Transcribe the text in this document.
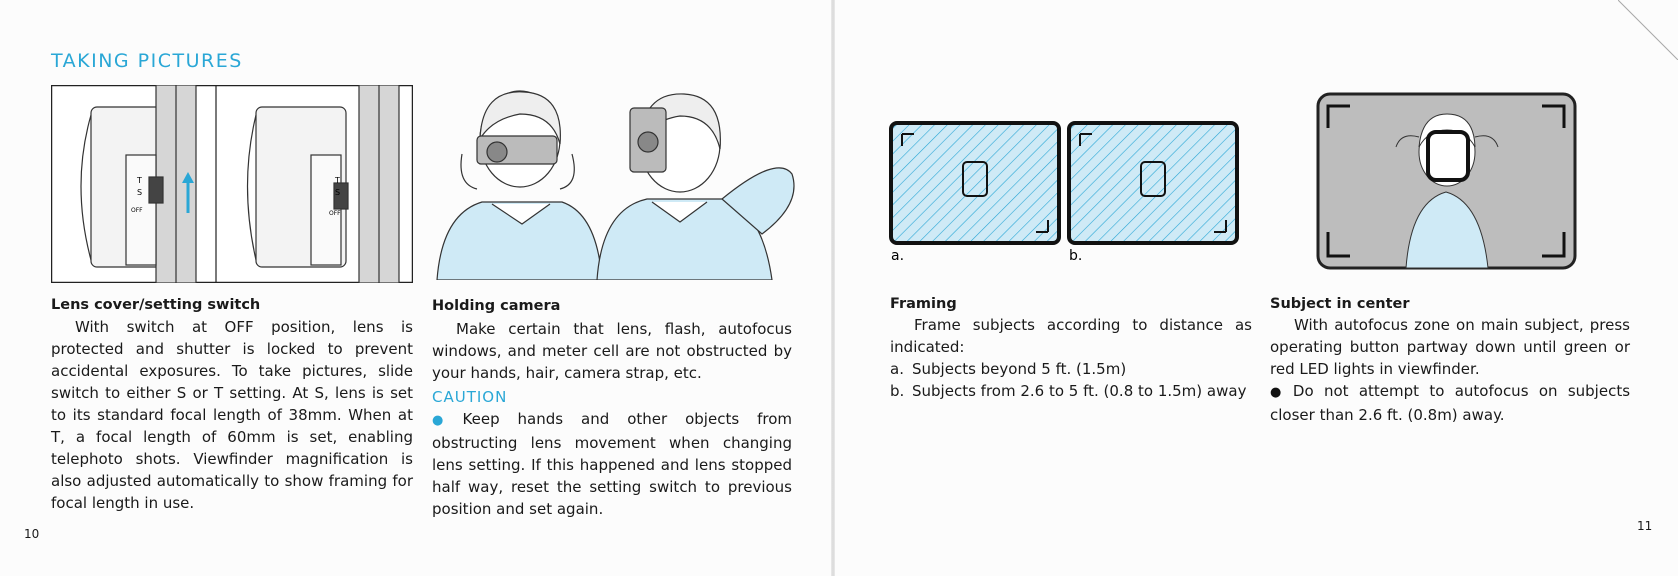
TAKING PICTURES
T
S
OFF
T
S
OFF
Lens cover/setting switch

With switch at OFF position, lens is protected and shutter is locked to prevent accidental exposures. To take pictures, slide switch to either S or T setting. At S, lens is set to its standard focal length of 38mm. When at T, a focal length of 60mm is set, enabling telephoto shots. Viewfinder magnification is also adjusted automatically to show framing for focal length in use.

Holding camera

Make certain that lens, flash, autofocus windows, and meter cell are not obstructed by your hands, hair, camera strap, etc.

CAUTION

● Keep hands and other objects from obstructing lens movement when changing lens setting. If this happened and lens stopped half way, reset the setting switch to previous position and set again.

10
a.	b.
Framing

Frame subjects according to distance as indicated:

a. Subjects beyond 5 ft. (1.5m)
b. Subjects from 2.6 to 5 ft. (0.8 to 1.5m) away
Subject in center

With autofocus zone on main subject, press operating button partway down until green or red LED lights in viewfinder.

● Do not attempt to autofocus on subjects closer than 2.6 ft. (0.8m) away.

11
